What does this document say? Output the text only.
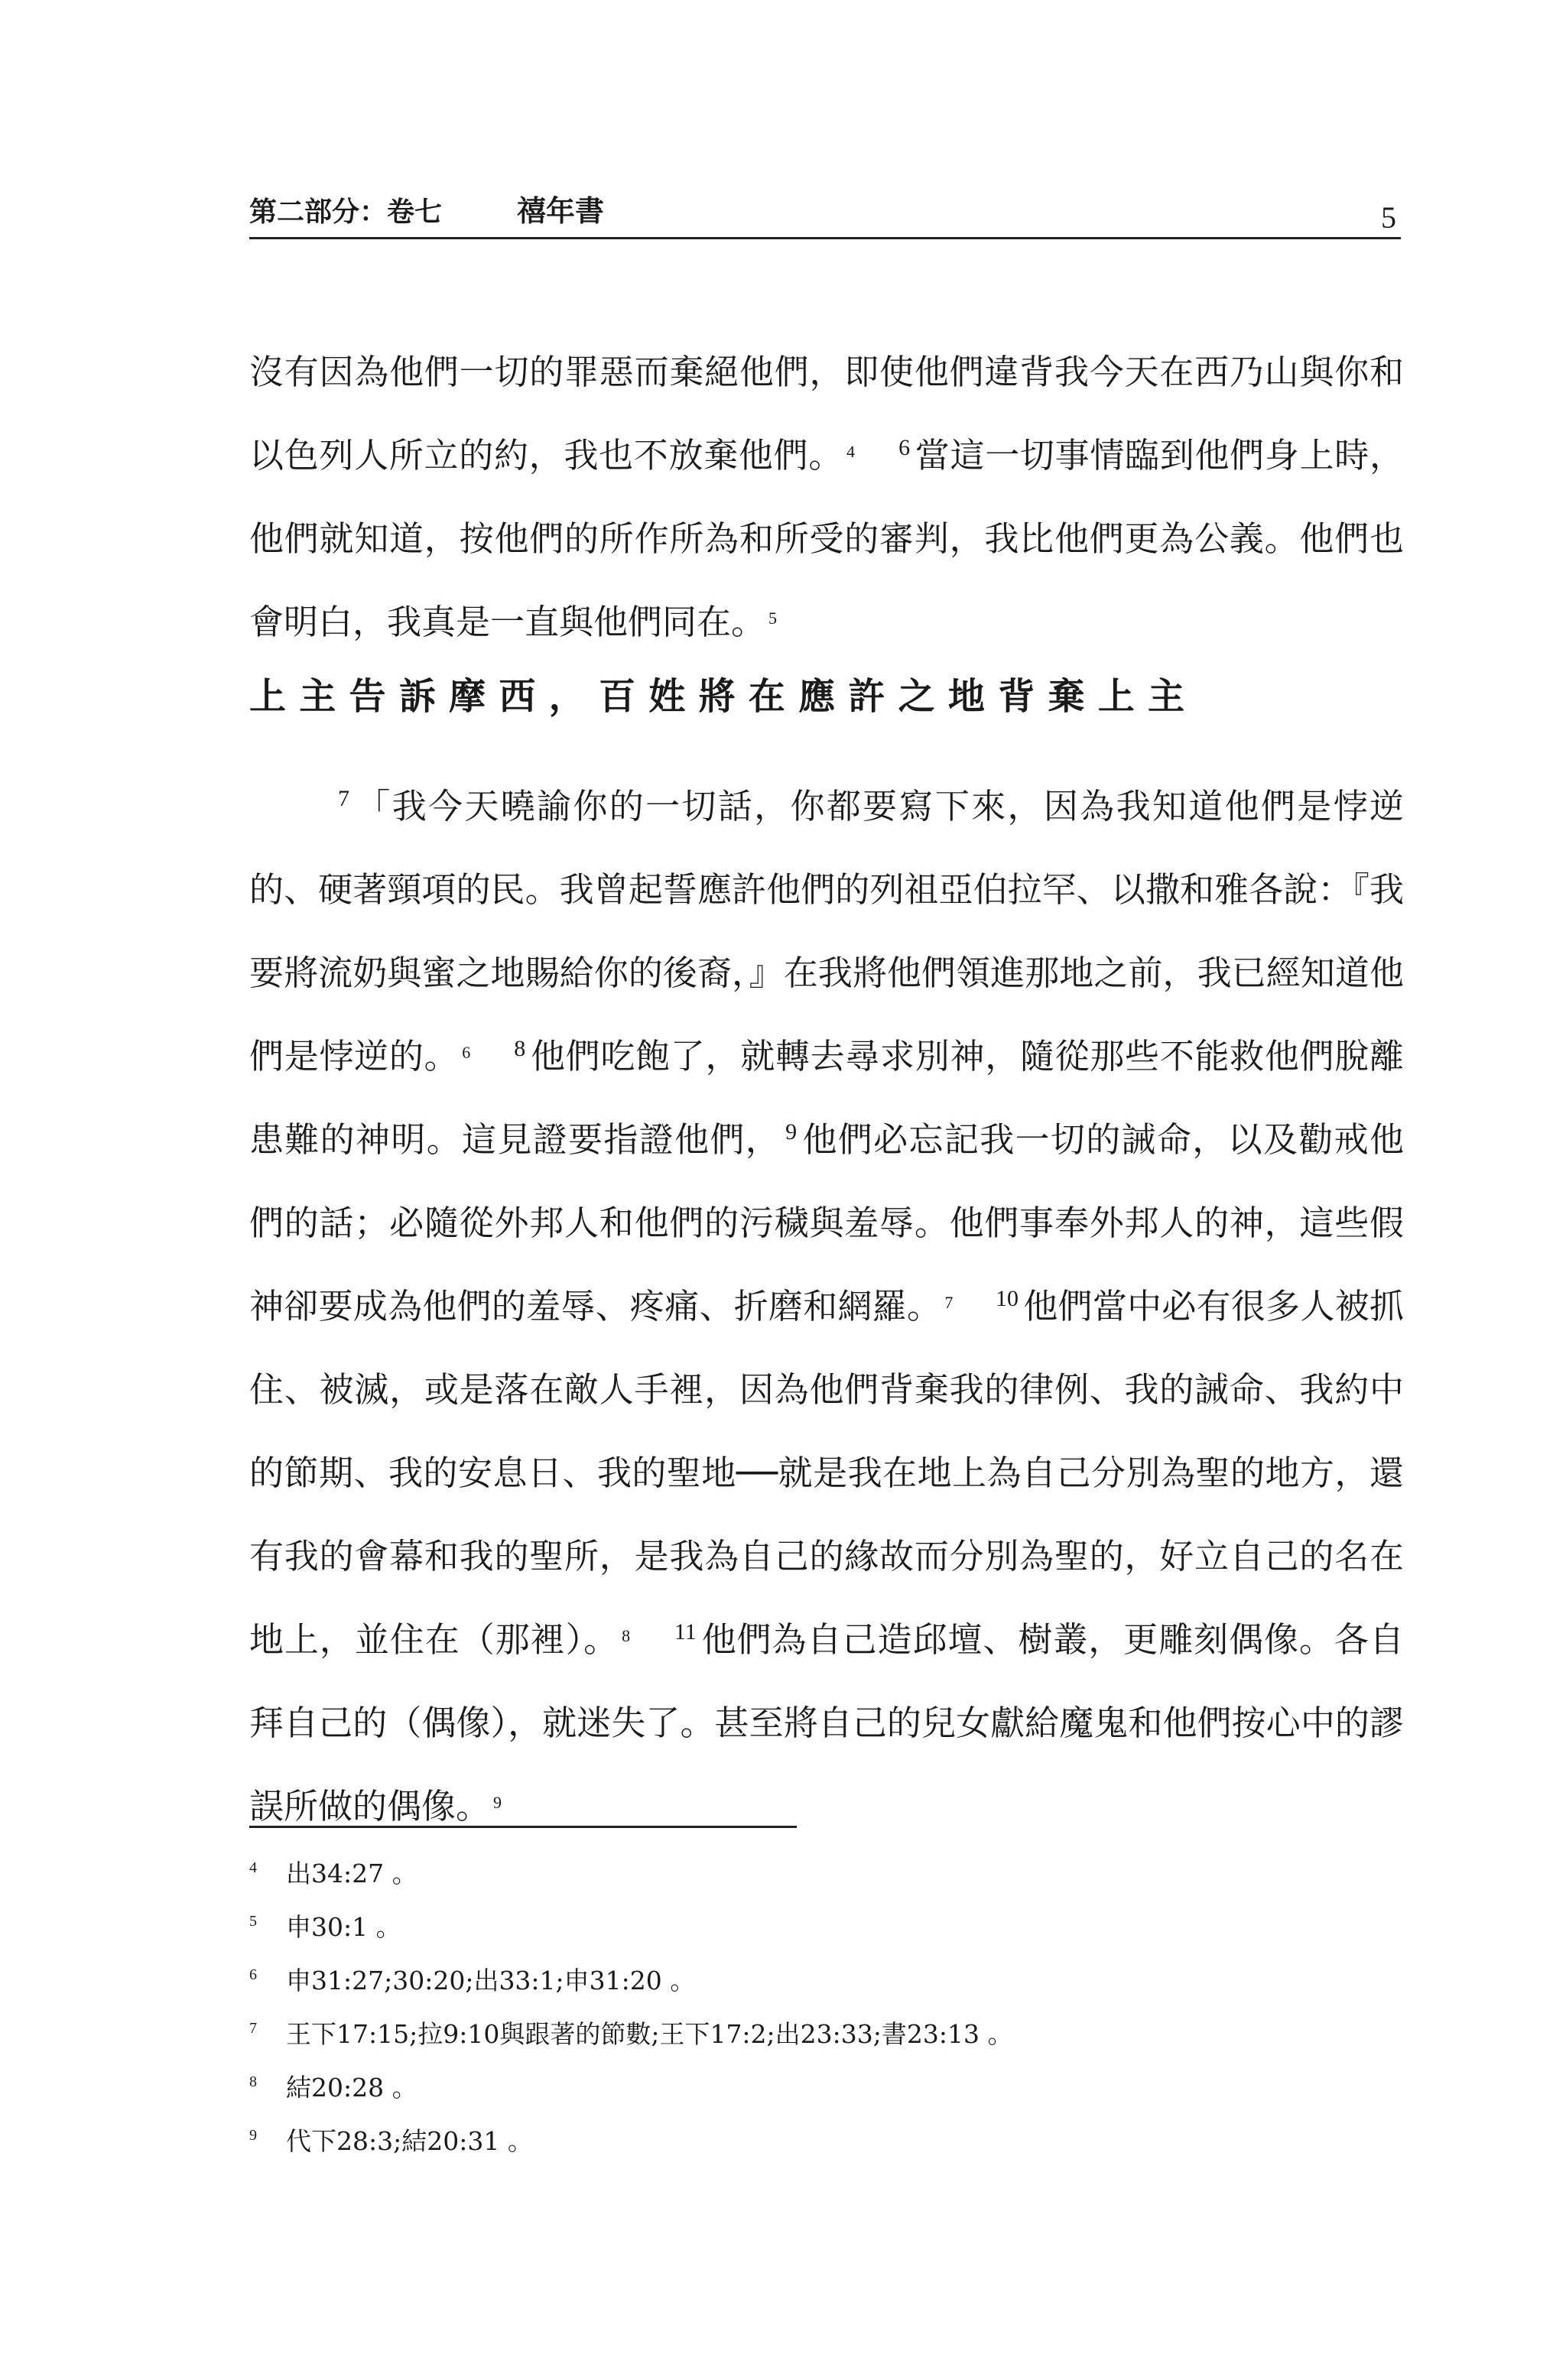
第二部分：卷七	禧年書	5

沒有因為他們一切的罪惡而棄絕他們，即使他們違背我今天在西乃山與你和以色列人所立的約，我也不放棄他們。 $^4$ $^6$ 當這一切事情臨到他們身上時，他們就知道，按他們的所作所為和所受的審判，我比他們更為公義。他們也會明白，我真是一直與他們同在。 $^5$

上主告訴摩西，百姓將在應許之地背棄上主

$^7$ 「我今天曉諭你的一切話，你都要寫下來，因為我知道他們是悖逆的、硬著頸項的民。我曾起誓應許他們的列祖亞伯拉罕、以撒和雅各說：『我要將流奶與蜜之地賜給你的後裔，』在我將他們領進那地之前，我已經知道他們是悖逆的。 $^6$ $^8$ 他們吃飽了，就轉去尋求別神，隨從那些不能救他們脫離患難的神明。這見證要指證他們， $^9$ 他們必忘記我一切的誡命，以及勸戒他們的話；必隨從外邦人和他們的污穢與羞辱。他們事奉外邦人的神，這些假神卻要成為他們的羞辱、疼痛、折磨和網羅。 $^7$ $^{10}$ 他們當中必有很多人被抓住、被滅，或是落在敵人手裡，因為他們背棄我的律例、我的誡命、我約中的節期、我的安息日、我的聖地──就是我在地上為自己分別為聖的地方，還有我的會幕和我的聖所，是我為自己的緣故而分別為聖的，好立自己的名在地上，並住在（那裡）。 $^8$ $^{11}$ 他們為自己造邱壇、樹叢，更雕刻偶像。各自拜自己的（偶像），就迷失了。甚至將自己的兒女獻給魔鬼和他們按心中的謬誤所做的偶像。 $^9$

4 出34:27 。
5 申30:1 。
6 申31:27;30:20;出33:1;申31:20 。
7 王下17:15;拉9:10與跟著的節數;王下17:2;出23:33;書23:13 。
8 結20:28 。
9 代下28:3;結20:31 。
